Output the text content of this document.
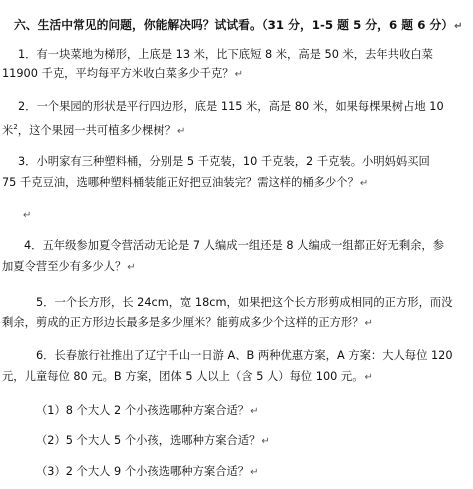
六、生活中常见的问题，你能解决吗？试试看。（31 分，1-5 题 5 分，6 题 6 分）↵
1．有一块菜地为梯形，上底是 13 米，比下底短 8 米，高是 50 米，去年共收白菜
11900 千克，平均每平方米收白菜多少千克？↵
2．一个果园的形状是平行四边形，底是 115 米，高是 80 米，如果每棵果树占地 10
米$^2$，这个果园一共可植多少棵树？↵
3．小明家有三种塑料桶，分别是 5 千克装，10 千克装，2 千克装。小明妈妈买回
75 千克豆油，选哪种塑料桶装能正好把豆油装完？需这样的桶多少个？↵
↵
4．五年级参加夏令营活动无论是 7 人编成一组还是 8 人编成一组都正好无剩余，参
加夏令营至少有多少人？↵
5．一个长方形，长 24cm，宽 18cm，如果把这个长方形剪成相同的正方形，而没
剩余，剪成的正方形边长最多是多少厘米？能剪成多少个这样的正方形？↵
6．长春旅行社推出了辽宁千山一日游 A、B 两种优惠方案，A 方案：大人每位 120
元，儿童每位 80 元。B 方案，团体 5 人以上（含 5 人）每位 100 元。↵
（1）8 个大人 2 个小孩选哪种方案合适？↵
（2）5 个大人 5 个小孩，选哪种方案合适？↵
（3）2 个大人 9 个小孩选哪种方案合适？↵
